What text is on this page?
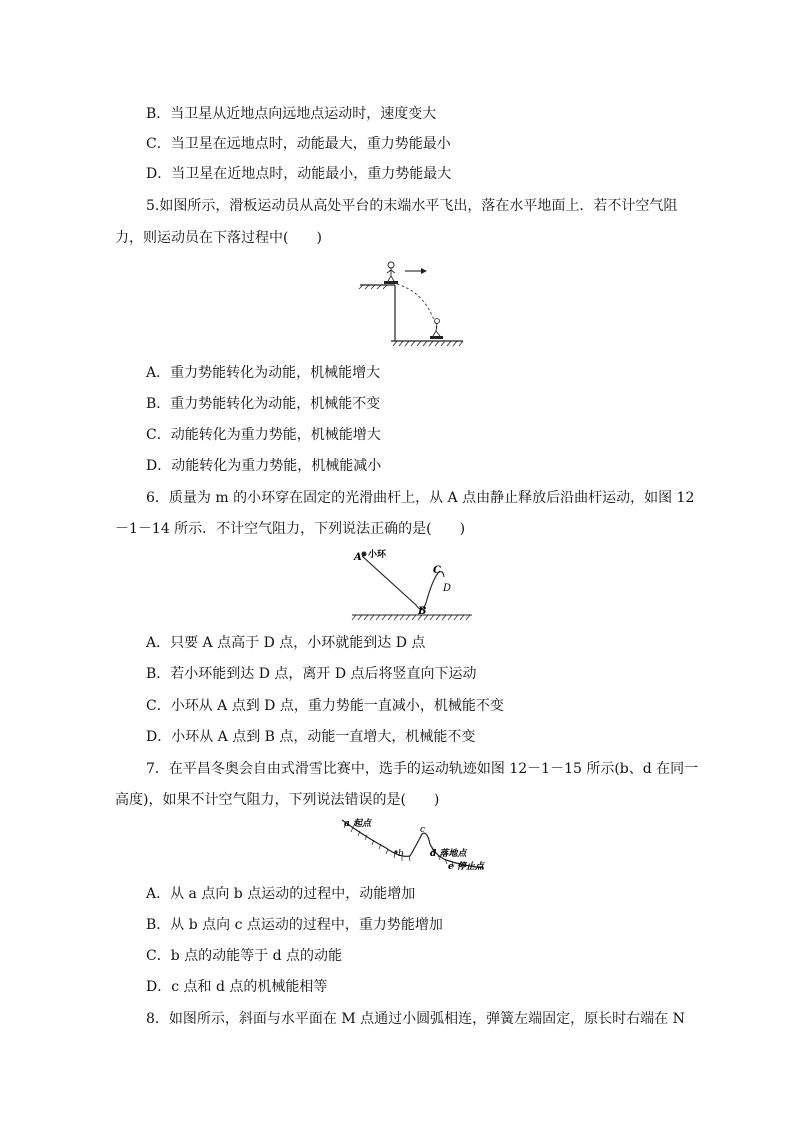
B．当卫星从近地点向远地点运动时，速度变大
C．当卫星在远地点时，动能最大，重力势能最小
D．当卫星在近地点时，动能最小，重力势能最大
5.如图所示，滑板运动员从高处平台的末端水平飞出，落在水平地面上．若不计空气阻
力，则运动员在下落过程中(　　)
A．重力势能转化为动能，机械能增大
B．重力势能转化为动能，机械能不变
C．动能转化为重力势能，机械能增大
D．动能转化为重力势能，机械能减小
6．质量为 m 的小环穿在固定的光滑曲杆上，从 A 点由静止释放后沿曲杆运动，如图 12
－1－14 所示．不计空气阻力，下列说法正确的是(　　)
A 小环
C
D
B
A．只要 A 点高于 D 点，小环就能到达 D 点
B．若小环能到达 D 点，离开 D 点后将竖直向下运动
C．小环从 A 点到 D 点，重力势能一直减小，机械能不变
D．小环从 A 点到 B 点，动能一直增大，机械能不变
7．在平昌冬奥会自由式滑雪比赛中，选手的运动轨迹如图 12－1－15 所示(b、d 在同一
高度)，如果不计空气阻力，下列说法错误的是(　　)
a 起点
b
c
d 落地点
e 停止点
A．从 a 点向 b 点运动的过程中，动能增加
B．从 b 点向 c 点运动的过程中，重力势能增加
C．b 点的动能等于 d 点的动能
D．c 点和 d 点的机械能相等
8．如图所示，斜面与水平面在 M 点通过小圆弧相连，弹簧左端固定，原长时右端在 N
